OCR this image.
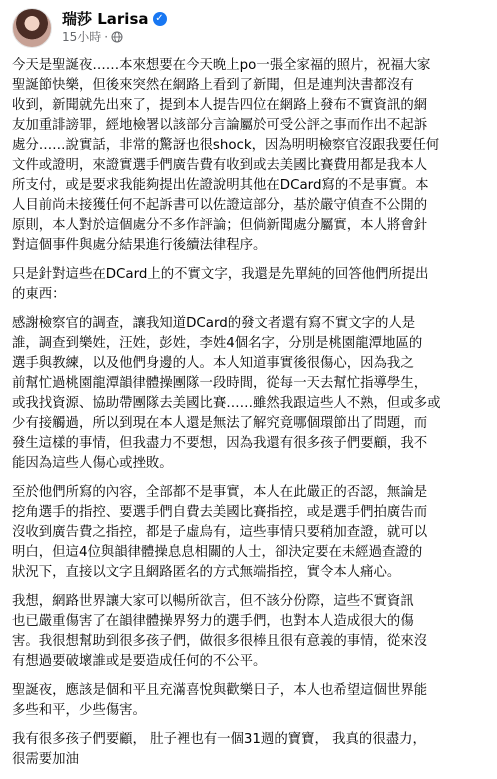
瑞莎 Larisa ✓
15小時 ·

今天是聖誕夜……本來想要在今天晚上po一張全家福的照片，祝福大家
聖誕節快樂，但後來突然在網路上看到了新聞，但是連判決書都沒有
收到，新聞就先出來了，提到本人提告四位在網路上發布不實資訊的網
友加重誹謗罪，經地檢署以該部分言論屬於可受公評之事而作出不起訴
處分……說實話，非常的驚訝也很shock，因為明明檢察官沒跟我要任何
文件或證明，來證實選手們廣告費有收到或去美國比賽費用都是我本人
所支付，或是要求我能夠提出佐證說明其他在DCard寫的不是事實。本
人目前尚未接獲任何不起訴書可以佐證這部分，基於嚴守偵查不公開的
原則，本人對於這個處分不多作評論；但倘新聞處分屬實，本人將會針
對這個事件與處分結果進行後續法律程序。

只是針對這些在DCard上的不實文字，我還是先單純的回答他們所提出
的東西：

感謝檢察官的調查，讓我知道DCard的發文者還有寫不實文字的人是
誰，調查到樂姓，汪姓，彭姓，李姓4個名字，分別是桃園龍潭地區的
選手與教練，以及他們身邊的人。本人知道事實後很傷心，因為我之
前幫忙過桃園龍潭韻律體操團隊一段時間，從每一天去幫忙指導學生，
或我找資源、協助帶團隊去美國比賽……雖然我跟這些人不熟，但或多或
少有接觸過，所以到現在本人還是無法了解究竟哪個環節出了問題，而
發生這樣的事情，但我盡力不要想，因為我還有很多孩子們要顧，我不
能因為這些人傷心或挫敗。

至於他們所寫的內容，全部都不是事實，本人在此嚴正的否認，無論是
挖角選手的指控、要選手們自費去美國比賽指控，或是選手們拍廣告而
沒收到廣告費之指控，都是子虛烏有，這些事情只要稍加查證，就可以
明白，但這4位與韻律體操息息相關的人士，卻決定要在未經過查證的
狀況下，直接以文字且網路匿名的方式無端指控，實令本人痛心。

我想，網路世界讓大家可以暢所欲言，但不該分份際，這些不實資訊
也已嚴重傷害了在韻律體操界努力的選手們，也對本人造成很大的傷
害。我很想幫助到很多孩子們，做很多很棒且很有意義的事情，從來沒
有想過要破壞誰或是要造成任何的不公平。

聖誕夜，應該是個和平且充滿喜悅與歡樂日子，本人也希望這個世界能
多些和平，少些傷害。

我有很多孩子們要顧， 肚子裡也有一個31週的寶寶， 我真的很盡力，
很需要加油
